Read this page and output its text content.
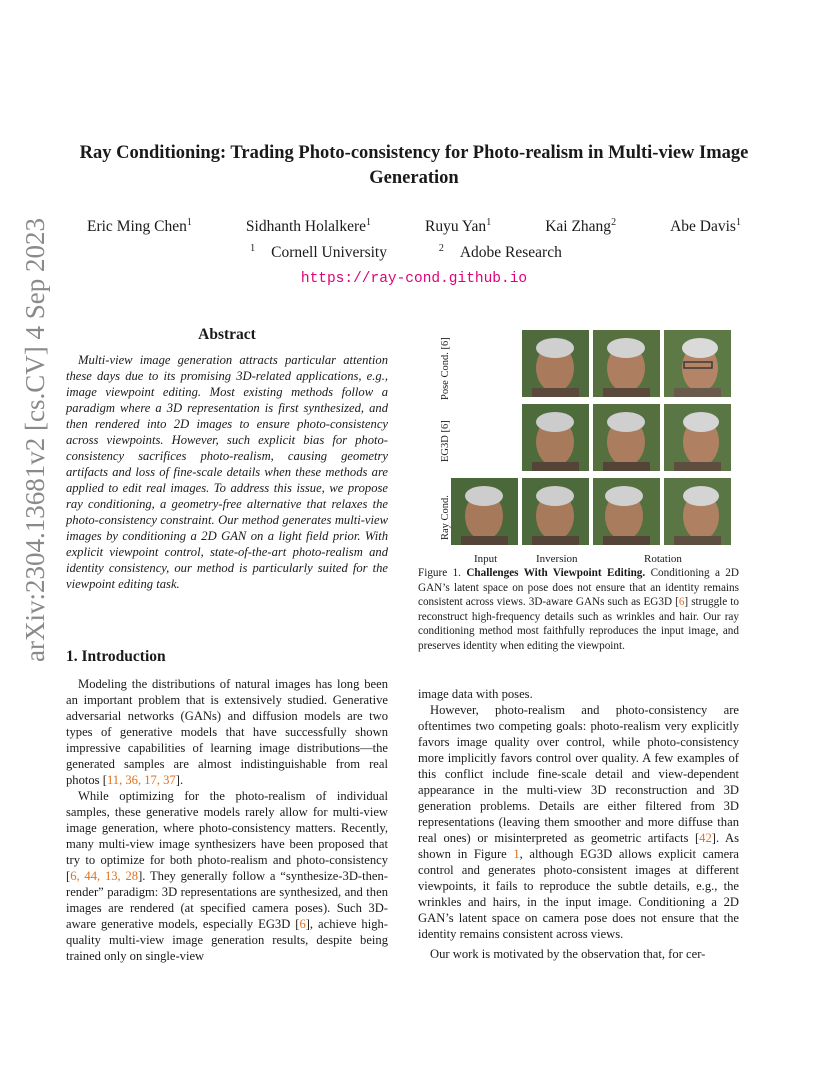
Ray Conditioning: Trading Photo-consistency for Photo-realism in Multi-view Image Generation
Eric Ming Chen$^1$	Sidhanth Holalkere$^1$	Ruyu Yan$^1$	Kai Zhang$^2$	Abe Davis$^1$
$^1$ Cornell University	$^2$ Adobe Research
https://ray-cond.github.io
arXiv:2304.13681v2 [cs.CV] 4 Sep 2023	Abstract
Multi-view image generation attracts particular attention these days due to its promising 3D-related applications, e.g., image viewpoint editing. Most existing methods follow a paradigm where a 3D representation is first synthesized, and then rendered into 2D images to ensure photo-consistency across viewpoints. However, such explicit bias for photo-consistency sacrifices photo-realism, causing geometry artifacts and loss of fine-scale details when these methods are applied to edit real images. To address this issue, we propose ray conditioning, a geometry-free alternative that relaxes the photo-consistency constraint. Our method generates multi-view images by conditioning a 2D GAN on a light field prior. With explicit viewpoint control, state-of-the-art photo-realism and identity consistency, our method is particularly suited for the viewpoint editing task.
1. Introduction

Modeling the distributions of natural images has long been an important problem that is extensively studied. Generative adversarial networks (GANs) and diffusion models are two types of generative models that have successfully shown impressive capabilities of learning image distributions—the generated samples are almost indistinguishable from real photos [11, 36, 17, 37].

While optimizing for the photo-realism of individual samples, these generative models rarely allow for multi-view image generation, where photo-consistency matters. Recently, many multi-view image synthesizers have been proposed that try to optimize for both photo-realism and photo-consistency [6, 44, 13, 28]. They generally follow a “synthesize-3D-then-render” paradigm: 3D representations are synthesized, and then images are rendered (at specified camera poses). Such 3D-aware generative models, especially EG3D [6], achieve high-quality multi-view image generation results, despite being trained only on single-view

Pose Cond. [6]
EG3D [6]
Ray Cond.
Input	Inversion	Rotation
Figure 1. Challenges With Viewpoint Editing. Conditioning a 2D GAN’s latent space on pose does not ensure that an identity remains consistent across views. 3D-aware GANs such as EG3D [6] struggle to reconstruct high-frequency details such as wrinkles and hair. Our ray conditioning method most faithfully reproduces the input image, and preserves identity when editing the viewpoint.

image data with poses.

However, photo-realism and photo-consistency are oftentimes two competing goals: photo-realism very explicitly favors image quality over control, while photo-consistency more implicitly favors control over quality. A few examples of this conflict include fine-scale detail and view-dependent appearance in the multi-view 3D reconstruction and 3D generation problems. Details are either filtered from 3D representations (leaving them smoother and more diffuse than real ones) or misinterpreted as geometric artifacts [42]. As shown in Figure 1, although EG3D allows explicit camera control and generates photo-consistent images at different viewpoints, it fails to reproduce the subtle details, e.g., the wrinkles and hairs, in the input image. Conditioning a 2D GAN’s latent space on camera pose does not ensure that the identity remains consistent across views.

Our work is motivated by the observation that, for cer-
